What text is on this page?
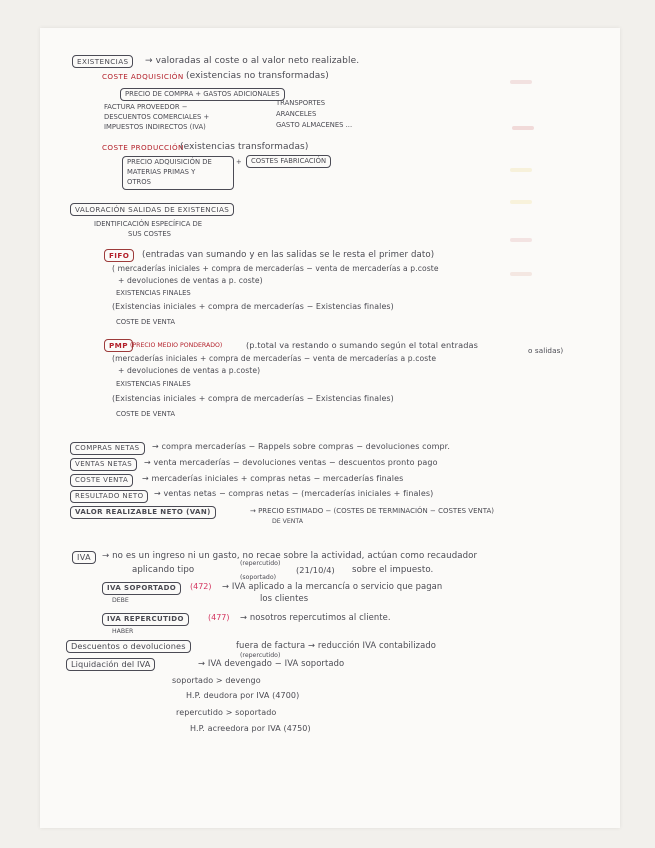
EXISTENCIAS	→ valoradas al coste o al valor neto realizable.
COSTE ADQUISICIÓN (existencias no transformadas)
PRECIO DE COMPRA + GASTOS ADICIONALES
FACTURA PROVEEDOR −
DESCUENTOS COMERCIALES +
IMPUESTOS INDIRECTOS (IVA)
TRANSPORTES
ARANCELES
GASTO ALMACENES ...
COSTE PRODUCCIÓN
(existencias transformadas)
PRECIO ADQUISICIÓN DE
MATERIAS PRIMAS Y
OTROS
+	COSTES FABRICACIÓN
VALORACIÓN SALIDAS DE EXISTENCIAS
IDENTIFICACIÓN ESPECÍFICA DE
SUS COSTES
FIFO	(entradas van sumando y en las salidas se le resta el primer dato)
( mercaderías iniciales + compra de mercaderías − venta de mercaderías a p.coste
+ devoluciones de ventas a p. coste)
EXISTENCIAS FINALES
(Existencias iniciales + compra de mercaderías − Existencias finales)
COSTE DE VENTA
PMP (PRECIO MEDIO PONDERADO)	(p.total va restando o sumando según el total entradas
o salidas)
(mercaderías iniciales + compra de mercaderías − venta de mercaderías a p.coste
+ devoluciones de ventas a p.coste)
EXISTENCIAS FINALES
(Existencias iniciales + compra de mercaderías − Existencias finales)
COSTE DE VENTA
COMPRAS NETAS	→ compra mercaderías − Rappels sobre compras − devoluciones compr.
VENTAS NETAS	→ venta mercaderías − devoluciones ventas − descuentos pronto pago
COSTE VENTA	→ mercaderías iniciales + compras netas − mercaderías finales
RESULTADO NETO	→ ventas netas − compras netas − (mercaderías iniciales + finales)
VALOR REALIZABLE NETO (VAN)	→ PRECIO ESTIMADO − (COSTES DE TERMINACIÓN − COSTES VENTA)
DE VENTA
IVA	→ no es un ingreso ni un gasto, no recae sobre la actividad, actúan como recaudador
(repercutido)
(soportado)
aplicando tipo	(21/10/4) sobre el impuesto.
IVA SOPORTADO	(472) → IVA aplicado a la mercancía o servicio que pagan
los clientes
DEBE
IVA REPERCUTIDO	(477) → nosotros repercutimos al cliente.
HABER
Descuentos o devoluciones	fuera de factura → reducción IVA contabilizado
(repercutido)
Liquidación del IVA	→ IVA devengado − IVA soportado
soportado > devengo
H.P. deudora por IVA (4700)
repercutido > soportado
H.P. acreedora por IVA (4750)
